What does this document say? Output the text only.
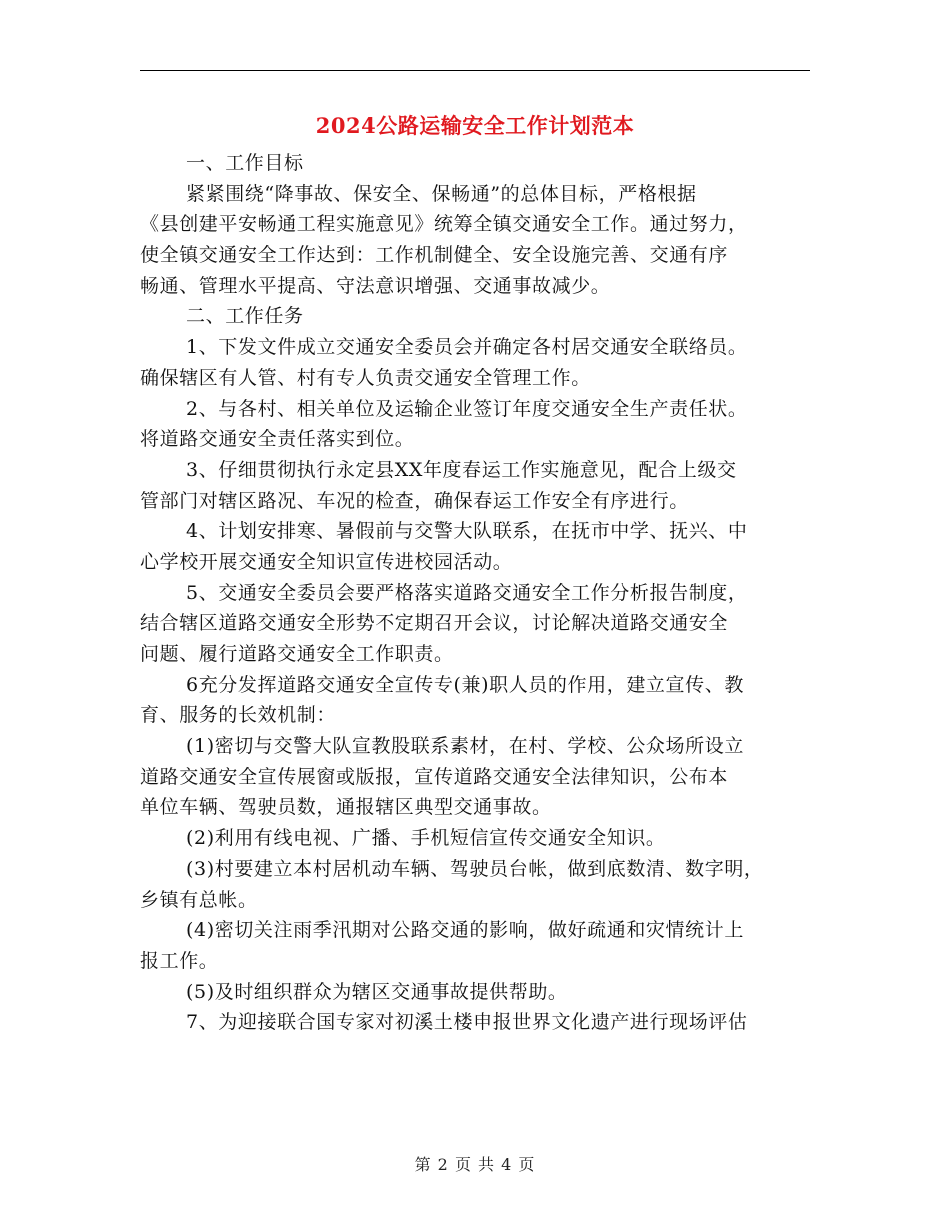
2024公路运输安全工作计划范本
一、工作目标
紧紧围绕“降事故、保安全、保畅通”的总体目标，严格根据
《县创建平安畅通工程实施意见》统筹全镇交通安全工作。通过努力，
使全镇交通安全工作达到：工作机制健全、安全设施完善、交通有序
畅通、管理水平提高、守法意识增强、交通事故减少。
二、工作任务
1、下发文件成立交通安全委员会并确定各村居交通安全联络员。
确保辖区有人管、村有专人负责交通安全管理工作。
2、与各村、相关单位及运输企业签订年度交通安全生产责任状。
将道路交通安全责任落实到位。
3、仔细贯彻执行永定县XX年度春运工作实施意见，配合上级交
管部门对辖区路况、车况的检查，确保春运工作安全有序进行。
4、计划安排寒、暑假前与交警大队联系，在抚市中学、抚兴、中
心学校开展交通安全知识宣传进校园活动。
5、交通安全委员会要严格落实道路交通安全工作分析报告制度，
结合辖区道路交通安全形势不定期召开会议，讨论解决道路交通安全
问题、履行道路交通安全工作职责。
6充分发挥道路交通安全宣传专(兼)职人员的作用，建立宣传、教
育、服务的长效机制：
(1)密切与交警大队宣教股联系素材，在村、学校、公众场所设立
道路交通安全宣传展窗或版报，宣传道路交通安全法律知识，公布本
单位车辆、驾驶员数，通报辖区典型交通事故。
(2)利用有线电视、广播、手机短信宣传交通安全知识。
(3)村要建立本村居机动车辆、驾驶员台帐，做到底数清、数字明，
乡镇有总帐。
(4)密切关注雨季汛期对公路交通的影响，做好疏通和灾情统计上
报工作。
(5)及时组织群众为辖区交通事故提供帮助。
7、为迎接联合国专家对初溪土楼申报世界文化遗产进行现场评估
第 2 页 共 4 页
